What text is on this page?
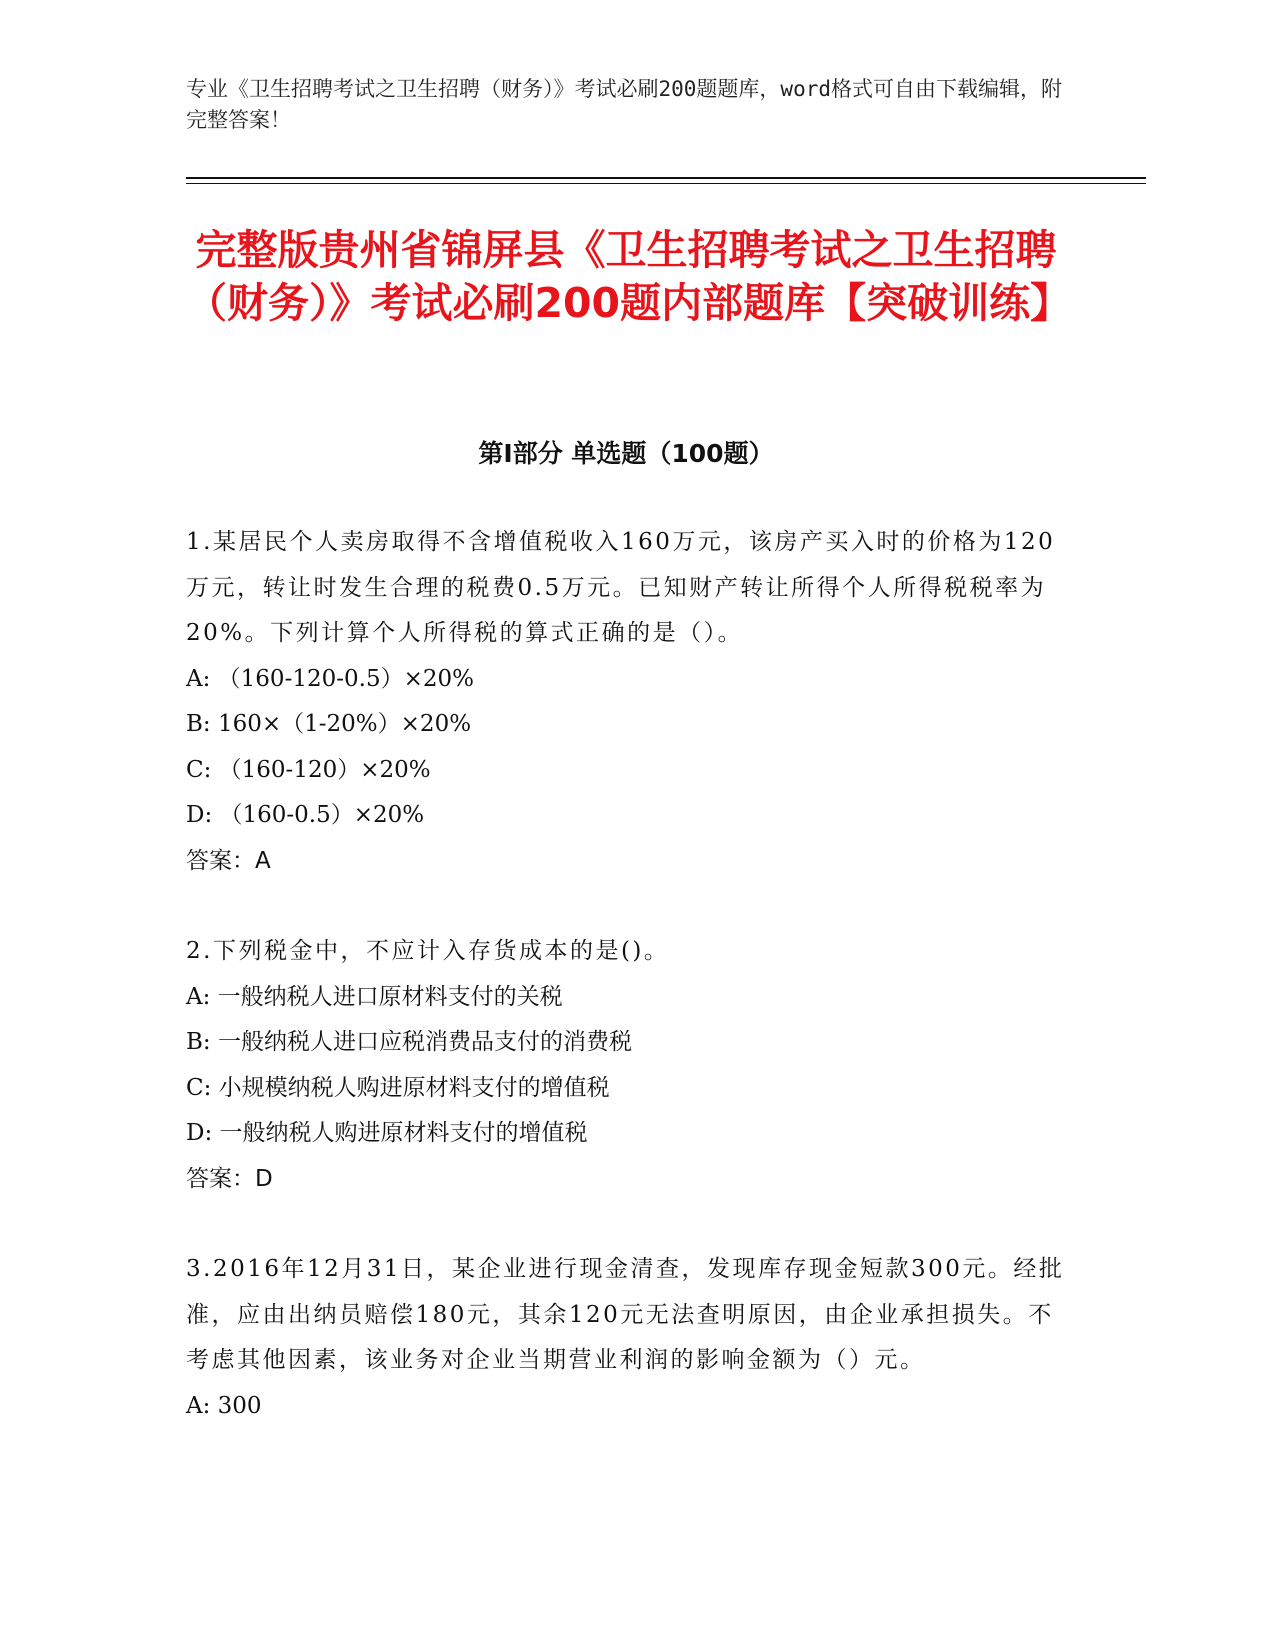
专业《卫生招聘考试之卫生招聘（财务）》考试必刷200题题库，word格式可自由下载编辑，附完整答案！
完整版贵州省锦屏县《卫生招聘考试之卫生招聘（财务）》考试必刷200题内部题库【突破训练】
第Ⅰ部分 单选题（100题）
1.某居民个人卖房取得不含增值税收入160万元，该房产买入时的价格为120万元，转让时发生合理的税费0.5万元。已知财产转让所得个人所得税税率为20%。下列计算个人所得税的算式正确的是（）。
A: （160-120-0.5）×20%
B: 160×（1-20%）×20%
C: （160-120）×20%
D: （160-0.5）×20%
答案：A
2.下列税金中，不应计入存货成本的是()。
A: 一般纳税人进口原材料支付的关税
B: 一般纳税人进口应税消费品支付的消费税
C: 小规模纳税人购进原材料支付的增值税
D: 一般纳税人购进原材料支付的增值税
答案：D
3.2016年12月31日，某企业进行现金清查，发现库存现金短款300元。经批准，应由出纳员赔偿180元，其余120元无法查明原因，由企业承担损失。不考虑其他因素，该业务对企业当期营业利润的影响金额为（）元。
A: 300
